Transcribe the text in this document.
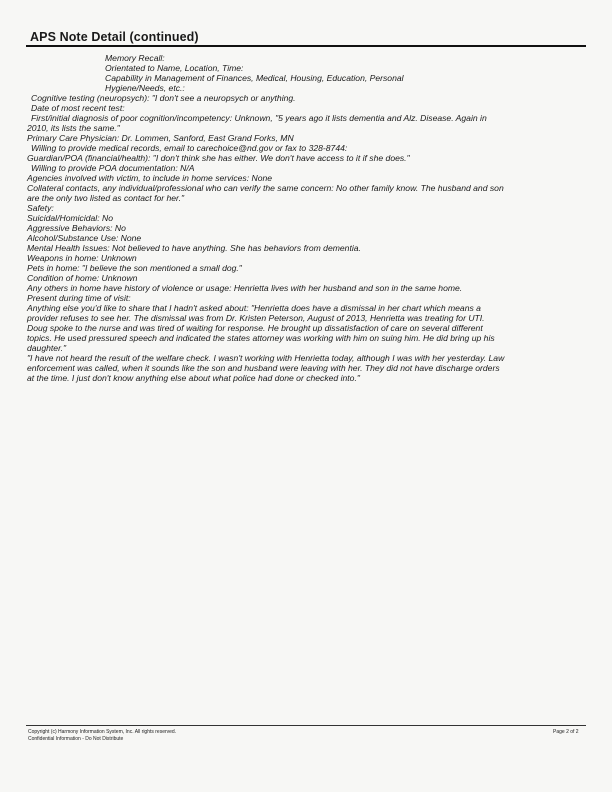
APS Note Detail (continued)
Memory Recall:
Orientated to Name, Location, Time:
Capability in Management of Finances, Medical, Housing, Education, Personal
Hygiene/Needs, etc.:
Cognitive testing (neuropsych): "I don't see a neuropsych or anything.
Date of most recent test:
First/initial diagnosis of poor cognition/incompetency: Unknown, "5 years ago it lists dementia and Alz. Disease. Again in
2010, its lists the same."
Primary Care Physician: Dr. Lommen, Sanford, East Grand Forks, MN
Willing to provide medical records, email to carechoice@nd.gov or fax to 328-8744:
Guardian/POA (financial/health): "I don't think she has either. We don't have access to it if she does."
Willing to provide POA documentation: N/A
Agencies involved with victim, to include in home services: None
Collateral contacts, any individual/professional who can verify the same concern: No other family know. The husband and son
are the only two listed as contact for her."
Safety:
Suicidal/Homicidal: No
Aggressive Behaviors: No
Alcohol/Substance Use: None
Mental Health Issues: Not believed to have anything. She has behaviors from dementia.
Weapons in home: Unknown
Pets in home: "I believe the son mentioned a small dog."
Condition of home: Unknown
Any others in home have history of violence or usage: Henrietta lives with her husband and son in the same home.
Present during time of visit:
Anything else you'd like to share that I hadn't asked about: "Henrietta does have a dismissal in her chart which means a
provider refuses to see her. The dismissal was from Dr. Kristen Peterson, August of 2013, Henrietta was treating for UTI.
Doug spoke to the nurse and was tired of waiting for response. He brought up dissatisfaction of care on several different
topics. He used pressured speech and indicated the states attorney was working with him on suing him. He did bring up his
daughter."
"I have not heard the result of the welfare check. I wasn't working with Henrietta today, although I was with her yesterday. Law
enforcement was called, when it sounds like the son and husband were leaving with her. They did not have discharge orders
at the time. I just don't know anything else about what police had done or checked into."
Copyright (c) Harmony Information System, Inc. All rights reserved.
Confidential Information - Do Not Distribute
Page 2 of 2
